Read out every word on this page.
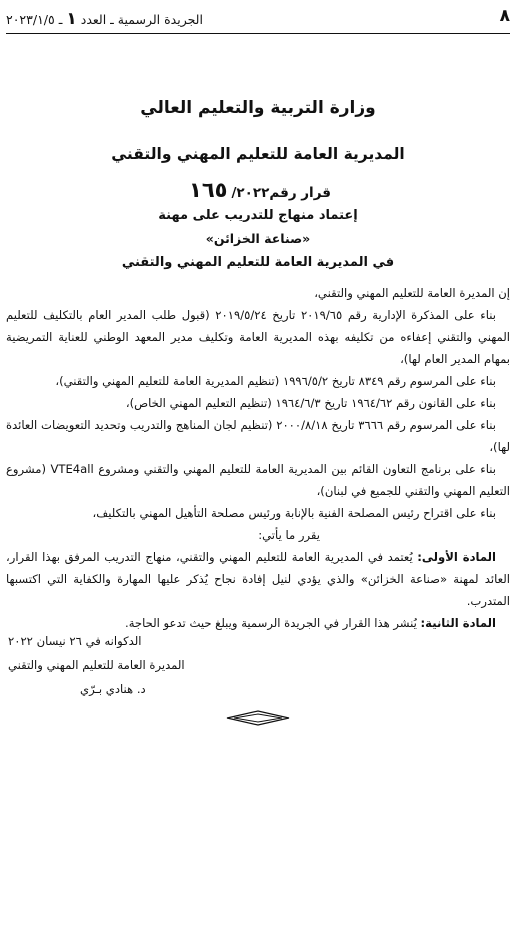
٨
الجريدة الرسمية ـ العدد١ـ ٢٠٢٣/١/٥
وزارة التربية والتعليم العالي
المديرية العامة للتعليم المهني والتقني
قرار رقم١٦٥ /٢٠٢٢
إعتماد منهاج للتدريب على مهنة
«صناعة الخزائن»
في المديرية العامة للتعليم المهني والتقني

إن المديرة العامة للتعليم المهني والتقني،

بناء على المذكرة الإدارية رقم ٢٠١٩/٦٥ تاريخ ٢٠١٩/٥/٢٤ (قبول طلب المدير العام بالتكليف للتعليم المهني والتقني إعفاءه من تكليفه بهذه المديرية العامة وتكليف مدير المعهد الوطني للعناية التمريضية بمهام المدير العام لها)،

بناء على المرسوم رقم ٨٣٤٩ تاريخ ١٩٩٦/٥/٢ (تنظيم المديرية العامة للتعليم المهني والتقني)،

بناء على القانون رقم ١٩٦٤/٦٢ تاريخ ١٩٦٤/٦/٣ (تنظيم التعليم المهني الخاص)،

بناء على المرسوم رقم ٣٦٦٦ تاريخ ٢٠٠٠/٨/١٨ (تنظيم لجان المناهج والتدريب وتحديد التعويضات العائدة لها)،

بناء على برنامج التعاون القائم بين المديرية العامة للتعليم المهني والتقني ومشروع VTE4all (مشروع التعليم المهني والتقني للجميع في لبنان)،

بناء على اقتراح رئيس المصلحة الفنية بالإنابة ورئيس مصلحة التأهيل المهني بالتكليف،

يقرر ما يأتي:

المادة الأولى: يُعتمد في المديرية العامة للتعليم المهني والتقني، منهاج التدريب المرفق بهذا القرار، العائد لمهنة «صناعة الخزائن» والذي يؤدي لنيل إفادة نجاح يُذكر عليها المهارة والكفاية التي اكتسبها المتدرب.

المادة الثانية: يُنشر هذا القرار في الجريدة الرسمية ويبلغ حيث تدعو الحاجة.

الدكوانه في ٢٦ نيسان ٢٠٢٢
المديرة العامة للتعليم المهني والتقني
د. هنادي بـرّي
